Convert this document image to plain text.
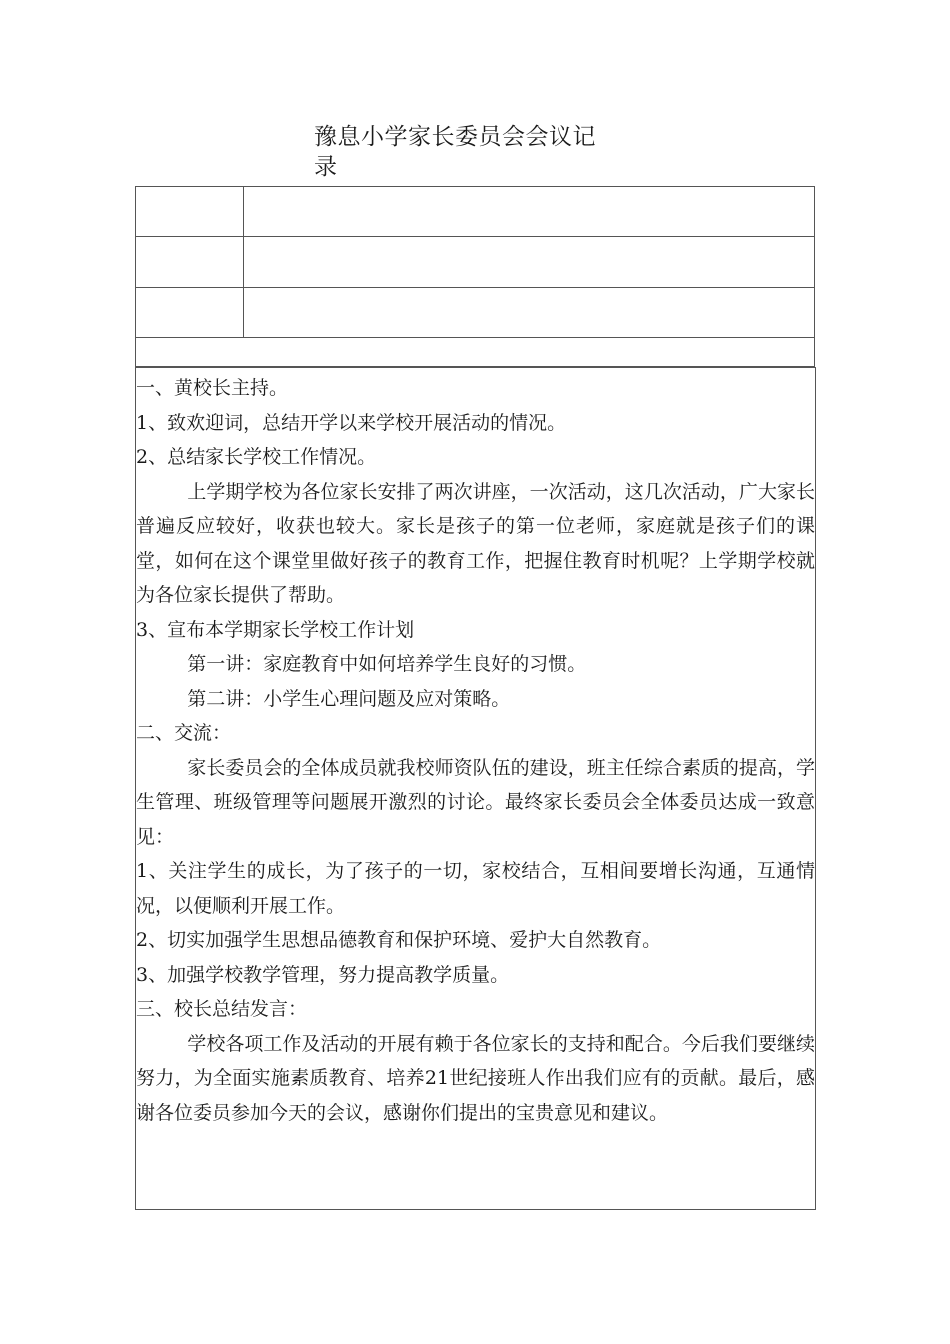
豫息小学家长委员会会议记
录

一、黄校长主持。

1、致欢迎词，总结开学以来学校开展活动的情况。

2、总结家长学校工作情况。

上学期学校为各位家长安排了两次讲座，一次活动，这几次活动，广大家长普遍反应较好，收获也较大。家长是孩子的第一位老师，家庭就是孩子们的课堂，如何在这个课堂里做好孩子的教育工作，把握住教育时机呢？上学期学校就为各位家长提供了帮助。

3、宣布本学期家长学校工作计划

第一讲：家庭教育中如何培养学生良好的习惯。

第二讲：小学生心理问题及应对策略。

二、交流：

家长委员会的全体成员就我校师资队伍的建设，班主任综合素质的提高，学生管理、班级管理等问题展开激烈的讨论。最终家长委员会全体委员达成一致意见：

1、关注学生的成长，为了孩子的一切，家校结合，互相间要增长沟通，互通情况，以便顺利开展工作。

2、切实加强学生思想品德教育和保护环境、爱护大自然教育。

3、加强学校教学管理，努力提高教学质量。

三、校长总结发言：

学校各项工作及活动的开展有赖于各位家长的支持和配合。今后我们要继续努力，为全面实施素质教育、培养21世纪接班人作出我们应有的贡献。最后，感谢各位委员参加今天的会议，感谢你们提出的宝贵意见和建议。
